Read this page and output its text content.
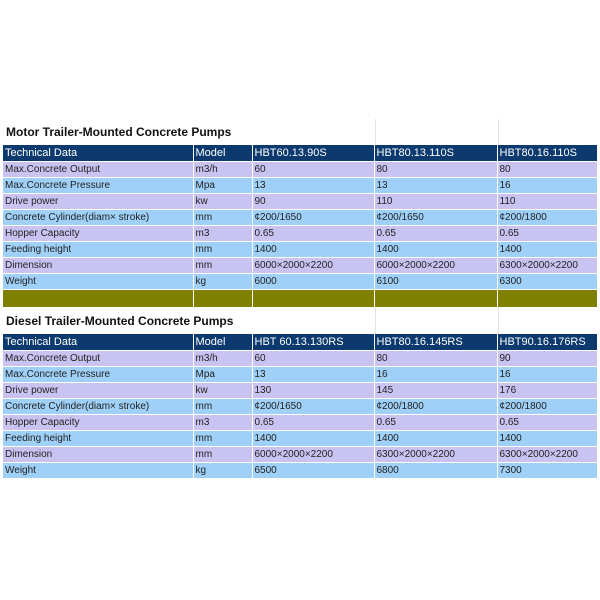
Motor Trailer-Mounted Concrete Pumps
Technical Data	Model	HBT60.13.90S	HBT80.13.110S	HBT80.16.110S
Max.Concrete Output	m3/h	60	80	80
Max.Concrete Pressure	Mpa	13	13	16
Drive power	kw	90	110	110
Concrete Cylinder(diam× stroke)	mm	¢200/1650	¢200/1650	¢200/1800
Hopper Capacity	m3	0.65	0.65	0.65
Feeding height	mm	1400	1400	1400
Dimension	mm	6000×2000×2200	6000×2000×2200	6300×2000×2200
Weight	kg	6000	6100	6300

Diesel Trailer-Mounted Concrete Pumps
Technical Data	Model	HBT 60.13.130RS	HBT80.16.145RS	HBT90.16.176RS
Max.Concrete Output	m3/h	60	80	90
Max.Concrete Pressure	Mpa	13	16	16
Drive power	kw	130	145	176
Concrete Cylinder(diam× stroke)	mm	¢200/1650	¢200/1800	¢200/1800
Hopper Capacity	m3	0.65	0.65	0.65
Feeding height	mm	1400	1400	1400
Dimension	mm	6000×2000×2200	6300×2000×2200	6300×2000×2200
Weight	kg	6500	6800	7300
